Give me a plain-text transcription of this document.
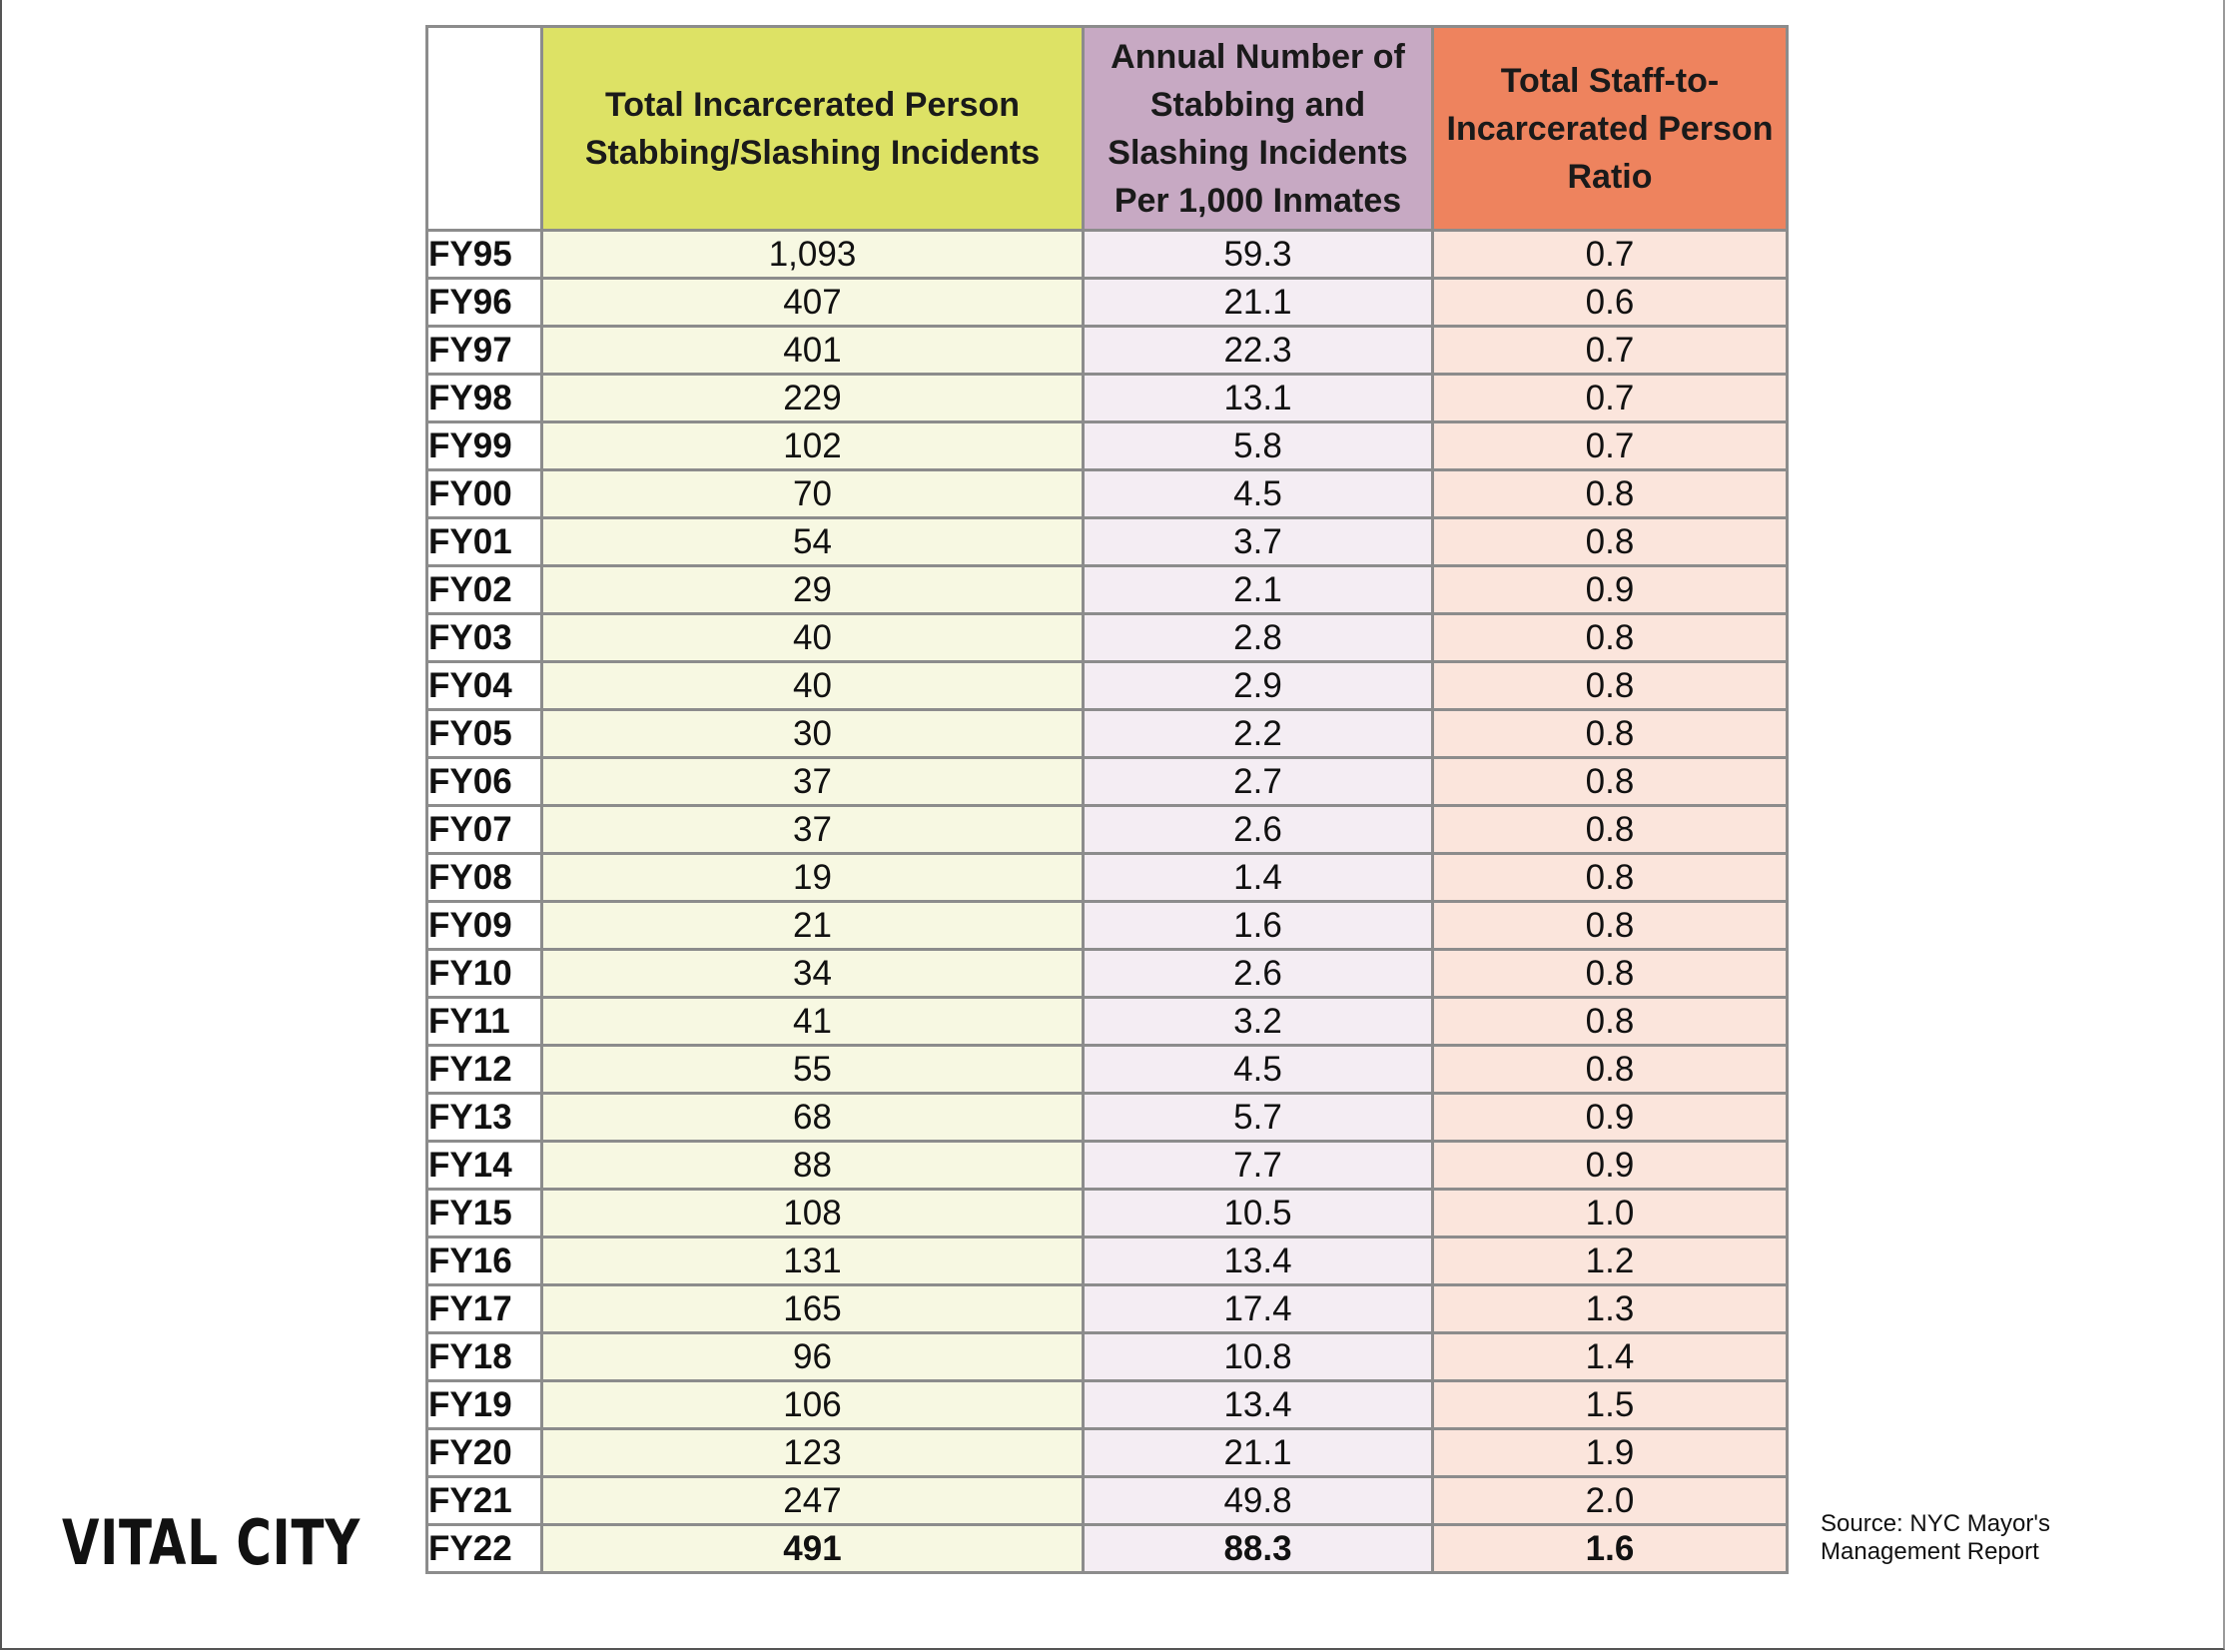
	Total Incarcerated Person Stabbing/Slashing Incidents	Annual Number of Stabbing and Slashing Incidents Per 1,000 Inmates	Total Staff-to-Incarcerated Person Ratio
FY95	1,093	59.3	0.7
FY96	407	21.1	0.6
FY97	401	22.3	0.7
FY98	229	13.1	0.7
FY99	102	5.8	0.7
FY00	70	4.5	0.8
FY01	54	3.7	0.8
FY02	29	2.1	0.9
FY03	40	2.8	0.8
FY04	40	2.9	0.8
FY05	30	2.2	0.8
FY06	37	2.7	0.8
FY07	37	2.6	0.8
FY08	19	1.4	0.8
FY09	21	1.6	0.8
FY10	34	2.6	0.8
FY11	41	3.2	0.8
FY12	55	4.5	0.8
FY13	68	5.7	0.9
FY14	88	7.7	0.9
FY15	108	10.5	1.0
FY16	131	13.4	1.2
FY17	165	17.4	1.3
FY18	96	10.8	1.4
FY19	106	13.4	1.5
FY20	123	21.1	1.9
FY21	247	49.8	2.0
FY22	491	88.3	1.6
VITAL CITY	Source: NYC Mayor's
Management Report
